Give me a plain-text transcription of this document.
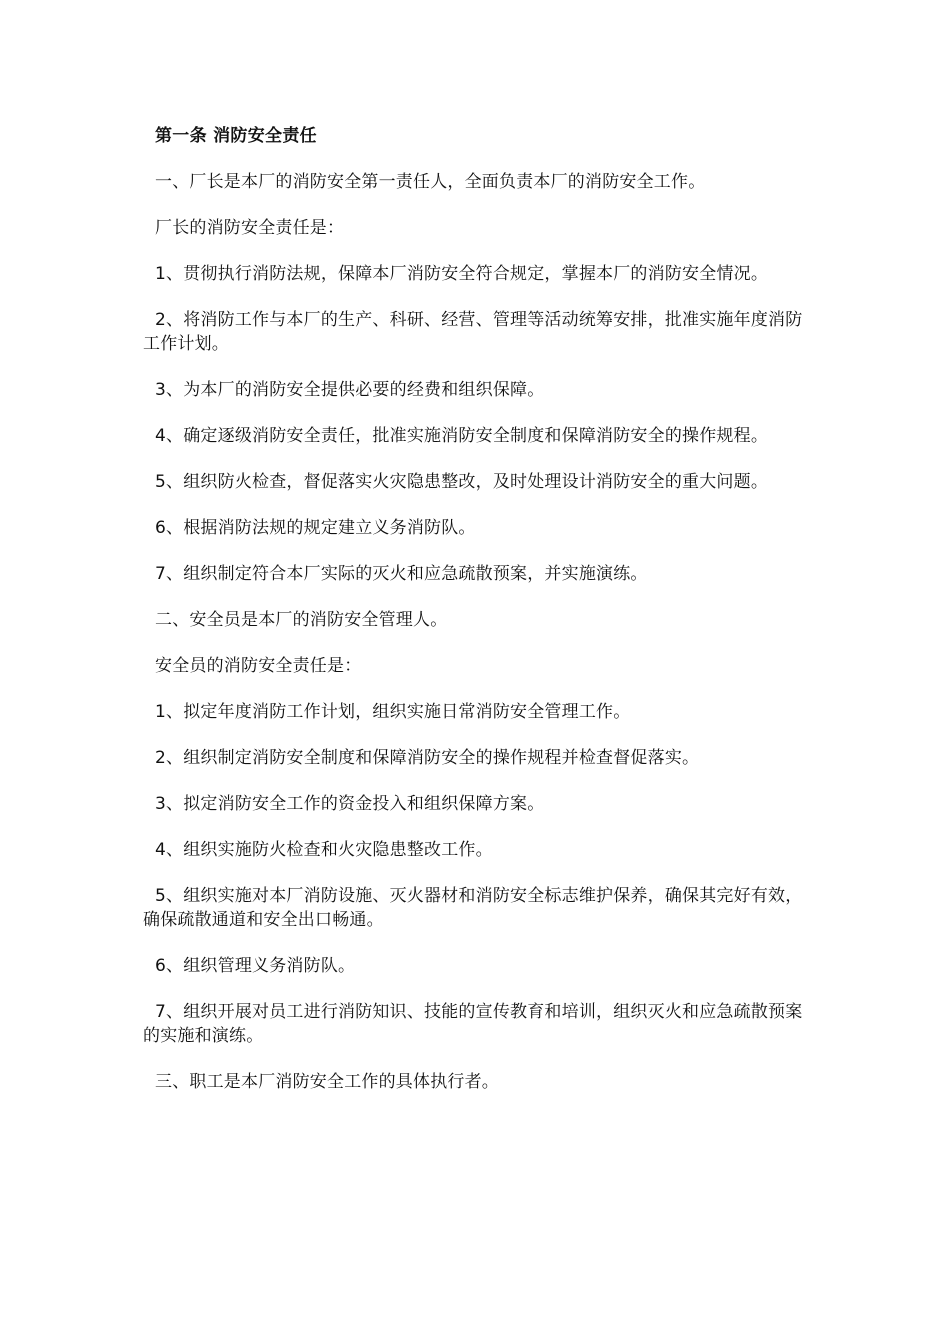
第一条 消防安全责任

一、厂长是本厂的消防安全第一责任人，全面负责本厂的消防安全工作。

厂长的消防安全责任是：

1、贯彻执行消防法规，保障本厂消防安全符合规定，掌握本厂的消防安全情况。

2、将消防工作与本厂的生产、科研、经营、管理等活动统筹安排，批准实施年度消防工作计划。

3、为本厂的消防安全提供必要的经费和组织保障。

4、确定逐级消防安全责任，批准实施消防安全制度和保障消防安全的操作规程。

5、组织防火检查，督促落实火灾隐患整改，及时处理设计消防安全的重大问题。

6、根据消防法规的规定建立义务消防队。

7、组织制定符合本厂实际的灭火和应急疏散预案，并实施演练。

二、安全员是本厂的消防安全管理人。

安全员的消防安全责任是：

1、拟定年度消防工作计划，组织实施日常消防安全管理工作。

2、组织制定消防安全制度和保障消防安全的操作规程并检查督促落实。

3、拟定消防安全工作的资金投入和组织保障方案。

4、组织实施防火检查和火灾隐患整改工作。

5、组织实施对本厂消防设施、灭火器材和消防安全标志维护保养，确保其完好有效，确保疏散通道和安全出口畅通。

6、组织管理义务消防队。

7、组织开展对员工进行消防知识、技能的宣传教育和培训，组织灭火和应急疏散预案的实施和演练。

三、职工是本厂消防安全工作的具体执行者。
